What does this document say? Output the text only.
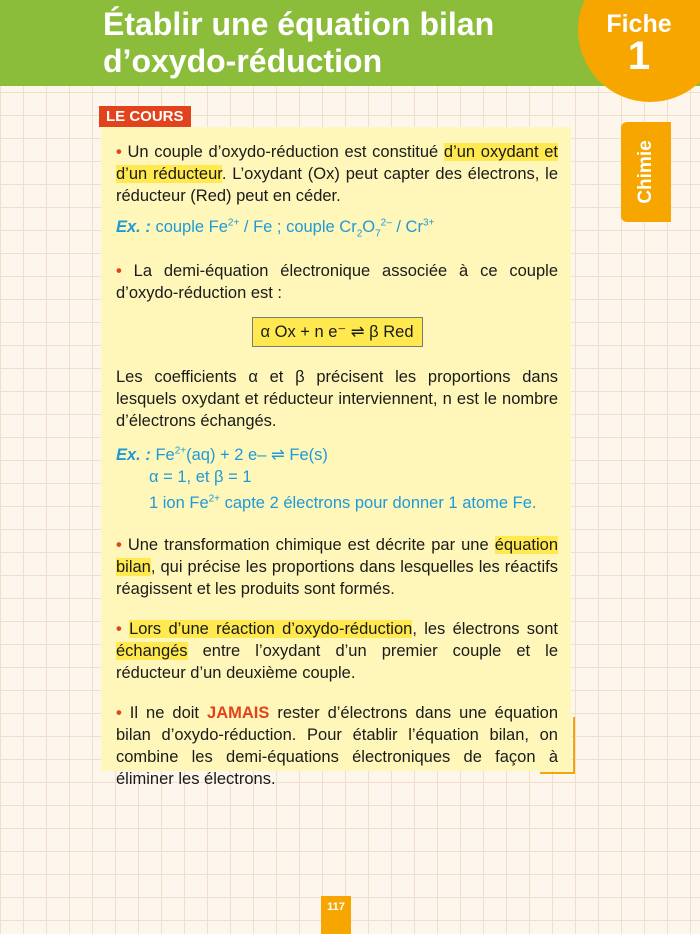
Établir une équation bilan
d’oxydo-réduction
Fiche
1
Chimie
LE COURS

• Un couple d’oxydo-réduction est constitué d’un oxydant et d’un réducteur. L’oxydant (Ox) peut capter des électrons, le réducteur (Red) peut en céder.

Ex. : couple $Fe^{2+}$ / Fe ; couple $Cr_2O_7^{2-} / Cr^{3+}$

• La demi-équation électronique associée à ce couple d’oxydo-réduction est :

α Ox + n e⁻ ⇌ β Red

Les coefficients α et β précisent les proportions dans lesquels oxydant et réducteur interviennent, n est le nombre d’électrons échangés.

Ex. : $Fe^{2+}(aq) + 2$ e– ⇌ Fe(s)
α = 1, et β = 1
1 ion $Fe^{2+}$ capte 2 électrons pour donner 1 atome Fe.

• Une transformation chimique est décrite par une équation bilan, qui précise les proportions dans lesquelles les réactifs réagissent et les produits sont formés.

• Lors d’une réaction d’oxydo-réduction, les électrons sont échangés entre l’oxydant d’un premier couple et le réducteur d’un deuxième couple.

• Il ne doit JAMAIS rester d’électrons dans une équation bilan d’oxydo-réduction. Pour établir l’équation bilan, on combine les demi-équations électroniques de façon à éliminer les électrons.

117
